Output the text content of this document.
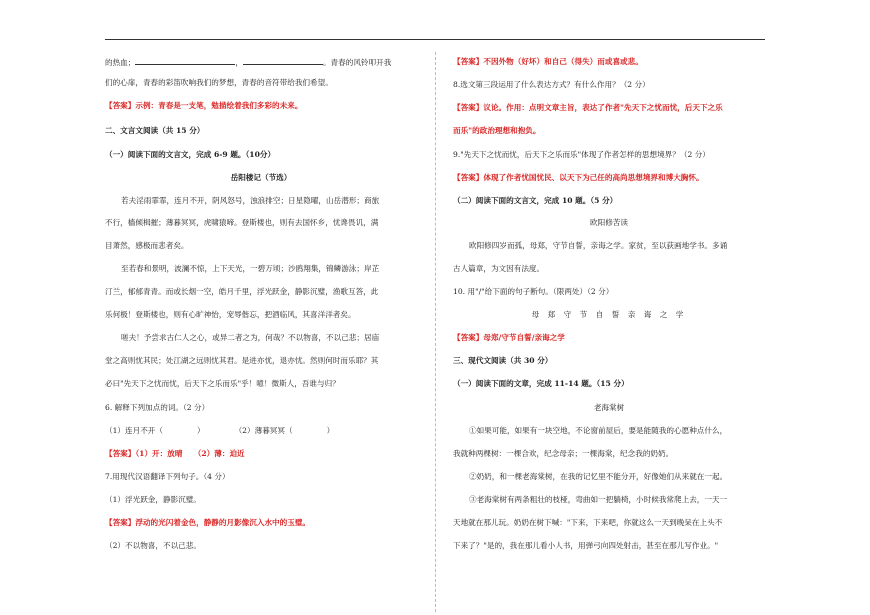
的热血；	，	。青春的风铃叩开我
们的心扉，青春的彩笛吹响我们的梦想，青春的音符带给我们希望。
【答案】示例：青春是一支笔，勉描绘着我们多彩的未来。
二、文言文阅读（共 15 分）
（一）阅读下面的文言文，完成 6-9 题。（10分）
岳阳楼记（节选）
若夫淫雨霏霏，连月不开，阴风怒号，浊浪排空；日星隐曜，山岳潜形；商旅
不行，樯倾楫摧；薄暮冥冥，虎啸猿啼。登斯楼也，则有去国怀乡，忧谗畏讥，满
目萧然，感极而悲者矣。
至若春和景明，波澜不惊，上下天光，一碧万顷；沙鸥翔集，锦鳞游泳；岸芷
汀兰，郁郁青青。而或长烟一空，皓月千里，浮光跃金，静影沉璧，渔歌互答，此
乐何极！登斯楼也，则有心旷神怡，宠辱偕忘，把酒临风，其喜洋洋者矣。
嗟夫！予尝求古仁人之心，或异二者之为，何哉？不以物喜，不以己悲；居庙
堂之高则忧其民；处江湖之远则忧其君。是进亦忧，退亦忧。然则何时而乐耶？其
必曰"先天下之忧而忧，后天下之乐而乐"乎！噫！微斯人，吾谁与归？
6. 解释下列加点的词。（2 分）
（1）连月不开（	）	（2）薄暮冥冥（	）
【答案】（1）开：放晴　　（2）薄：迫近
7.用现代汉语翻译下列句子。（4 分）
（1）浮光跃金，静影沉璧。
【答案】浮动的光闪着金色，静静的月影像沉入水中的玉璧。
（2）不以物喜，不以己悲。
【答案】不因外物（好坏）和自己（得失）而或喜或悲。
8.选文第三段运用了什么表达方式？有什么作用？（2 分）
【答案】议论。作用：点明文章主旨，表达了作者"先天下之忧而忧，后天下之乐
而乐"的政治理想和抱负。
9."先天下之忧而忧，后天下之乐而乐"体现了作者怎样的思想境界？（2 分）
【答案】体现了作者忧国忧民、以天下为己任的高尚思想境界和博大胸怀。
（二）阅读下面的文言文，完成 10 题。（5 分）
欧阳修苦读
欧阳修四岁而孤，母郑，守节自誓，亲诲之学。家贫，至以荻画地学书。多诵
古人篇章，为文因有法度。
10. 用"/"给下面的句子断句。（限两处）（2 分）
母 郑 守 节 自 誓 亲 诲 之 学
【答案】母郑/守节自誓/亲诲之学
三、现代文阅读（共 30 分）
（一）阅读下面的文章，完成 11-14 题。（15 分）
老海棠树
①如果可能，如果有一块空地，不论窗前屋后，要是能随我的心愿种点什么，
我就种两棵树：一棵合欢，纪念母亲；一棵海棠，纪念我的奶奶。
②奶奶，和一棵老海棠树，在我的记忆里不能分开，好像她们从来就在一起。
③老海棠树有两条粗壮的枝桠，弯曲如一把躺椅，小时候我常爬上去，一天一
天地就在那儿玩。奶奶在树下喊："下来，下来吧，你就这么一天到晚呆在上头不
下来了？"是的，我在那儿看小人书，用弹弓向四处射击，甚至在那儿写作业。"
